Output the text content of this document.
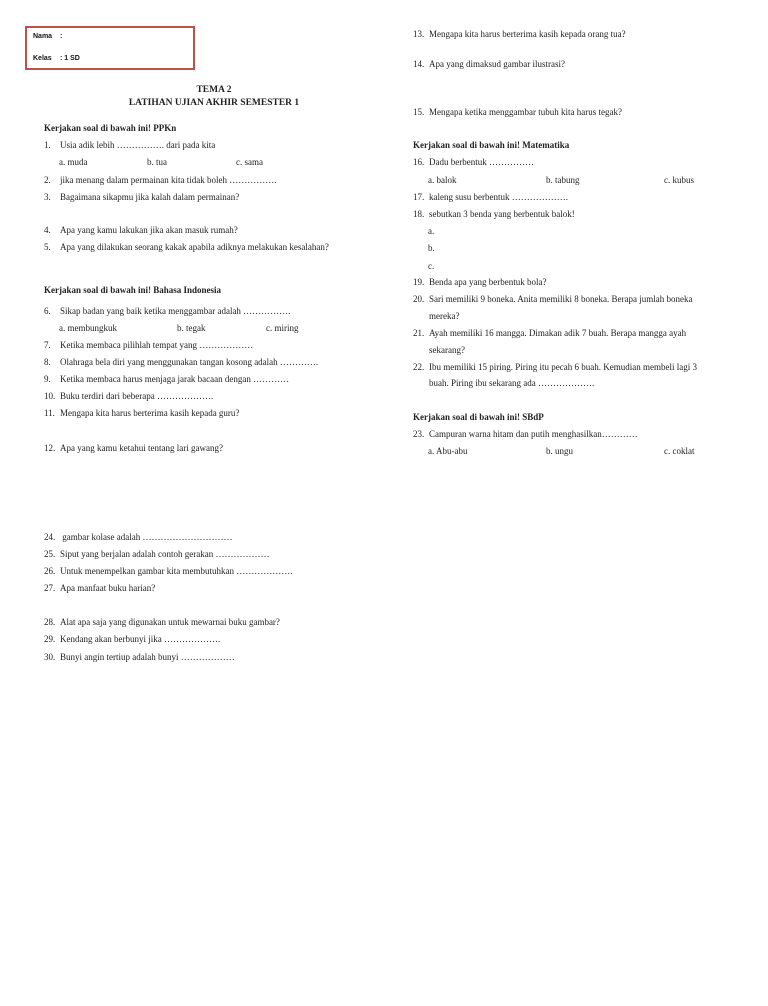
Nama :
Kelas : 1 SD
TEMA 2
LATIHAN UJIAN AKHIR SEMESTER 1
Kerjakan soal di bawah ini! PPKn
1. Usia adik lebih ……………. dari pada kita
a. muda	b. tua	c. sama
2. jika menang dalam permainan kita tidak boleh …………….
3. Bagaimana sikapmu jika kalah dalam permainan?
4. Apa yang kamu lakukan jika akan masuk rumah?
5. Apa yang dilakukan seorang kakak apabila adiknya melakukan kesalahan?
Kerjakan soal di bawah ini! Bahasa Indonesia
6. Sikap badan yang baik ketika menggambar adalah …………….
a. membungkuk	b. tegak	c. miring
7. Ketika membaca pilihlah tempat yang ………………
8. Olahraga bela diri yang menggunakan tangan kosong adalah ………….
9. Ketika membaca harus menjaga jarak bacaan dengan …………
10. Buku terdiri dari beberapa ……………….
11. Mengapa kita harus berterima kasih kepada guru?
12. Apa yang kamu ketahui tentang lari gawang?
24. gambar kolase adalah …………………………
25. Siput yang berjalan adalah contoh gerakan ………………
26. Untuk menempelkan gambar kita membutuhkan ……………….
27. Apa manfaat buku harian?
28. Alat apa saja yang digunakan untuk mewarnai buku gambar?
29. Kendang akan berbunyi jika ……………….
30. Bunyi angin tertiup adalah bunyi ………………
13. Mengapa kita harus berterima kasih kepada orang tua?
14. Apa yang dimaksud gambar ilustrasi?
15. Mengapa ketika menggambar tubuh kita harus tegak?
Kerjakan soal di bawah ini! Matematika
16. Dadu berbentuk ……………
a. balok	b. tabung	c. kubus
17. kaleng susu berbentuk ……………….
18. sebutkan 3 benda yang berbentuk balok!
a.
b.
c.
19. Benda apa yang berbentuk bola?
20. Sari memiliki 9 boneka. Anita memiliki 8 boneka. Berapa jumlah boneka
mereka?
21. Ayah memiliki 16 mangga. Dimakan adik 7 buah. Berapa mangga ayah
sekarang?
22. Ibu memiliki 15 piring. Piring itu pecah 6 buah. Kemudian membeli lagi 3
buah. Piring ibu sekarang ada ……………….
Kerjakan soal di bawah ini! SBdP
23. Campuran warna hitam dan putih menghasilkan…………
a. Abu-abu	b. ungu	c. coklat
